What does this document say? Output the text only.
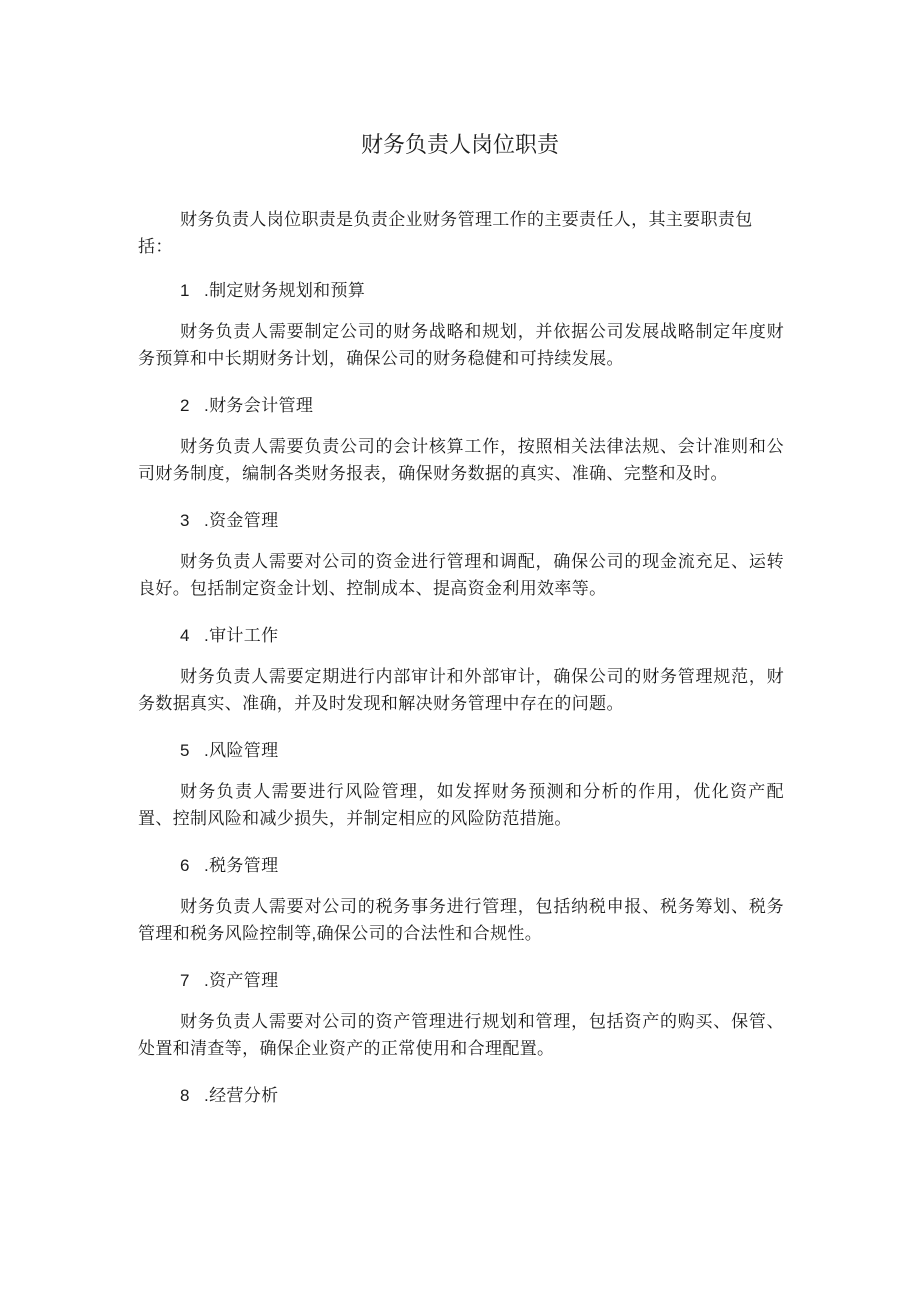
财务负责人岗位职责

财务负责人岗位职责是负责企业财务管理工作的主要责任人，其主要职责包括：

1 .制定财务规划和预算

财务负责人需要制定公司的财务战略和规划，并依据公司发展战略制定年度财务预算和中长期财务计划，确保公司的财务稳健和可持续发展。

2 .财务会计管理

财务负责人需要负责公司的会计核算工作，按照相关法律法规、会计准则和公司财务制度，编制各类财务报表，确保财务数据的真实、准确、完整和及时。

3 .资金管理

财务负责人需要对公司的资金进行管理和调配，确保公司的现金流充足、运转良好。包括制定资金计划、控制成本、提高资金利用效率等。

4 .审计工作

财务负责人需要定期进行内部审计和外部审计，确保公司的财务管理规范，财务数据真实、准确，并及时发现和解决财务管理中存在的问题。

5 .风险管理

财务负责人需要进行风险管理，如发挥财务预测和分析的作用，优化资产配置、控制风险和减少损失，并制定相应的风险防范措施。

6 .税务管理

财务负责人需要对公司的税务事务进行管理，包括纳税申报、税务筹划、税务管理和税务风险控制等,确保公司的合法性和合规性。

7 .资产管理

财务负责人需要对公司的资产管理进行规划和管理，包括资产的购买、保管、处置和清查等，确保企业资产的正常使用和合理配置。

8 .经营分析
